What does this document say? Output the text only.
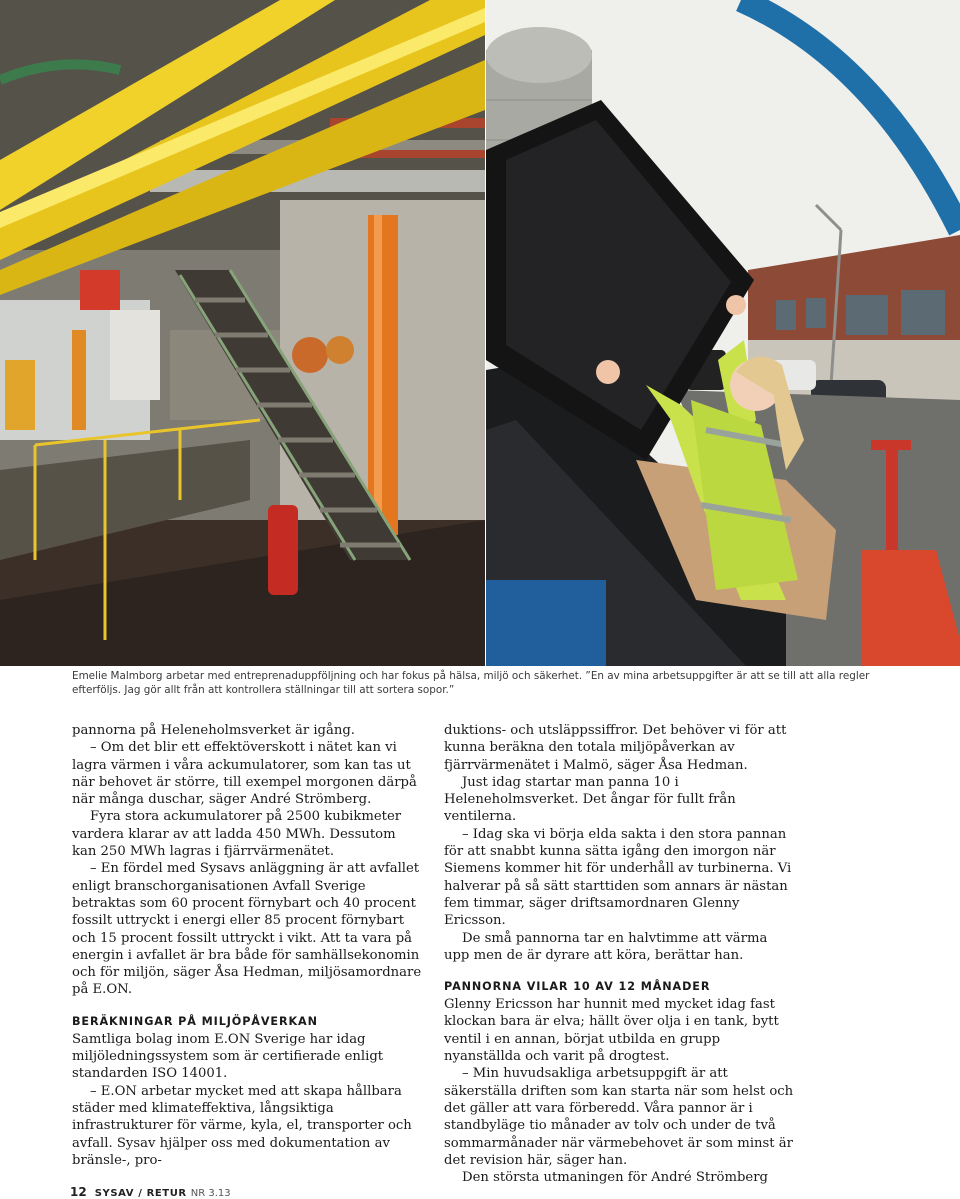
Emelie Malmborg arbetar med entreprenaduppföljning och har fokus på hälsa, miljö och säkerhet. ”En av mina arbetsuppgifter är att se till att alla regler efterföljs. Jag gör allt från att kontrollera ställningar till att sortera sopor.”

pannorna på Heleneholmsverket är igång.

– Om det blir ett effektöverskott i nätet kan vi lagra värmen i våra ackumulatorer, som kan tas ut när behovet är större, till exempel morgonen därpå när många duschar, säger André Strömberg.

Fyra stora ackumulatorer på 2500 kubikmeter vardera klarar av att ladda 450 MWh. Dessutom kan 250 MWh lagras i fjärrvärmenätet.

– En fördel med Sysavs anläggning är att avfallet enligt branschorganisationen Avfall Sverige betraktas som 60 procent förnybart och 40 procent fossilt uttryckt i energi eller 85 procent förnybart och 15 procent fossilt uttryckt i vikt. Att ta vara på energin i avfallet är bra både för samhällsekonomin och för miljön, säger Åsa Hedman, miljösamordnare på E.ON.

BERÄKNINGAR PÅ MILJÖPÅVERKAN

Samtliga bolag inom E.ON Sverige har idag miljöledningssystem som är certifierade enligt standarden ISO 14001.

– E.ON arbetar mycket med att skapa hållbara städer med klimateffektiva, långsiktiga infrastrukturer för värme, kyla, el, transporter och avfall. Sysav hjälper oss med dokumentation av bränsle-, pro-

duktions- och utsläppssiffror. Det behöver vi för att kunna beräkna den totala miljöpåverkan av fjärrvärmenätet i Malmö, säger Åsa Hedman.

Just idag startar man panna 10 i Heleneholmsverket. Det ångar för fullt från ventilerna.

– Idag ska vi börja elda sakta i den stora pannan för att snabbt kunna sätta igång den imorgon när Siemens kommer hit för underhåll av turbinerna. Vi halverar på så sätt starttiden som annars är nästan fem timmar, säger driftsamordnaren Glenny Ericsson.

De små pannorna tar en halvtimme att värma upp men de är dyrare att köra, berättar han.

PANNORNA VILAR 10 AV 12 MÅNADER

Glenny Ericsson har hunnit med mycket idag fast klockan bara är elva; hällt över olja i en tank, bytt ventil i en annan, börjat utbilda en grupp nyanställda och varit på drogtest.

– Min huvudsakliga arbetsuppgift är att säkerställa driften som kan starta när som helst och det gäller att vara förberedd. Våra pannor är i standbyläge tio månader av tolv och under de två sommarmånader när värmebehovet är som minst är det revision här, säger han.

Den största utmaningen för André Strömberg

12 SYSAV / RETUR NR 3.13
